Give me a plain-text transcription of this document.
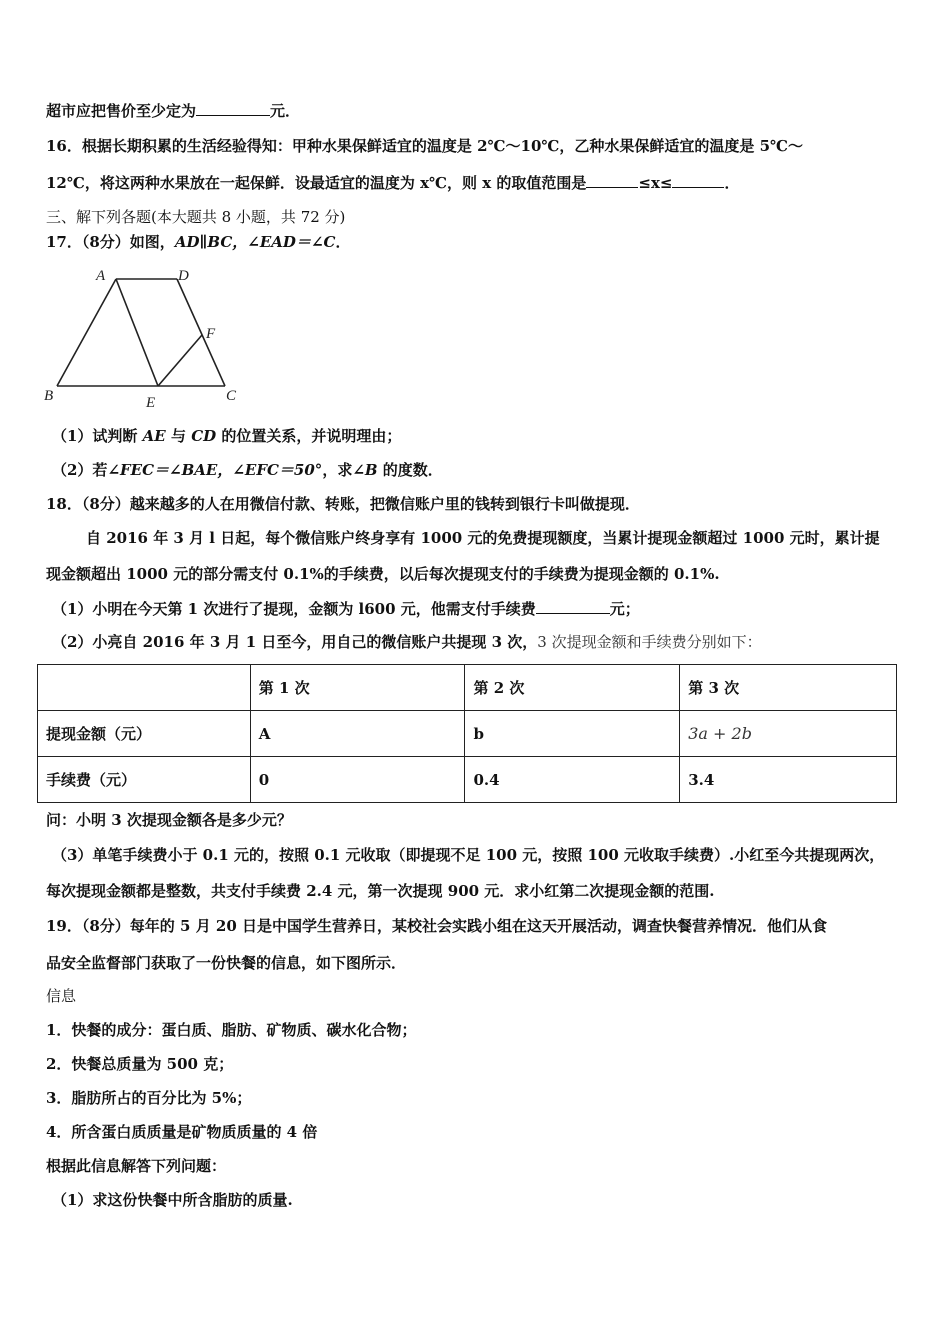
超市应把售价至少定为	元．
16．根据长期积累的生活经验得知：甲种水果保鲜适宜的温度是 2℃～10℃，乙种水果保鲜适宜的温度是 5℃～
12℃，将这两种水果放在一起保鲜．设最适宜的温度为 x℃，则 x 的取值范围是	≤x≤	．
三、解下列各题(本大题共 8 小题，共 72 分)
17．（8分）如图，AD∥BC，∠EAD＝∠C．
A	D
F
B	E	C
（1）试判断 AE 与 CD 的位置关系，并说明理由；
（2）若∠FEC＝∠BAE，∠EFC＝50°，求∠B 的度数．
18．（8分）越来越多的人在用微信付款、转账，把微信账户里的钱转到银行卡叫做提现．
自 2016 年 3 月 l 日起，每个微信账户终身享有 1000 元的免费提现额度，当累计提现金额超过 1000 元时，累计提
现金额超出 1000 元的部分需支付 0.1%的手续费，以后每次提现支付的手续费为提现金额的 0.1%.
（1）小明在今天第 1 次进行了提现，金额为 l600 元，他需支付手续费	元；
（2）小亮自 2016 年 3 月 1 日至今，用自己的微信账户共提现 3 次，3 次提现金额和手续费分别如下：
	第 1 次	第 2 次	第 3 次
提现金额（元）	A	b	3a + 2b
手续费（元）	0	0.4	3.4
问：小明 3 次提现金额各是多少元？
（3）单笔手续费小于 0.1 元的，按照 0.1 元收取（即提现不足 100 元，按照 100 元收取手续费）.小红至今共提现两次，
每次提现金额都是整数，共支付手续费 2.4 元，第一次提现 900 元．求小红第二次提现金额的范围.
19．（8分）每年的 5 月 20 日是中国学生营养日，某校社会实践小组在这天开展活动，调查快餐营养情况．他们从食
品安全监督部门获取了一份快餐的信息，如下图所示．
信息
1．快餐的成分：蛋白质、脂肪、矿物质、碳水化合物；
2．快餐总质量为 500 克；
3．脂肪所占的百分比为 5%；
4．所含蛋白质质量是矿物质质量的 4 倍
根据此信息解答下列问题：
（1）求这份快餐中所含脂肪的质量.
